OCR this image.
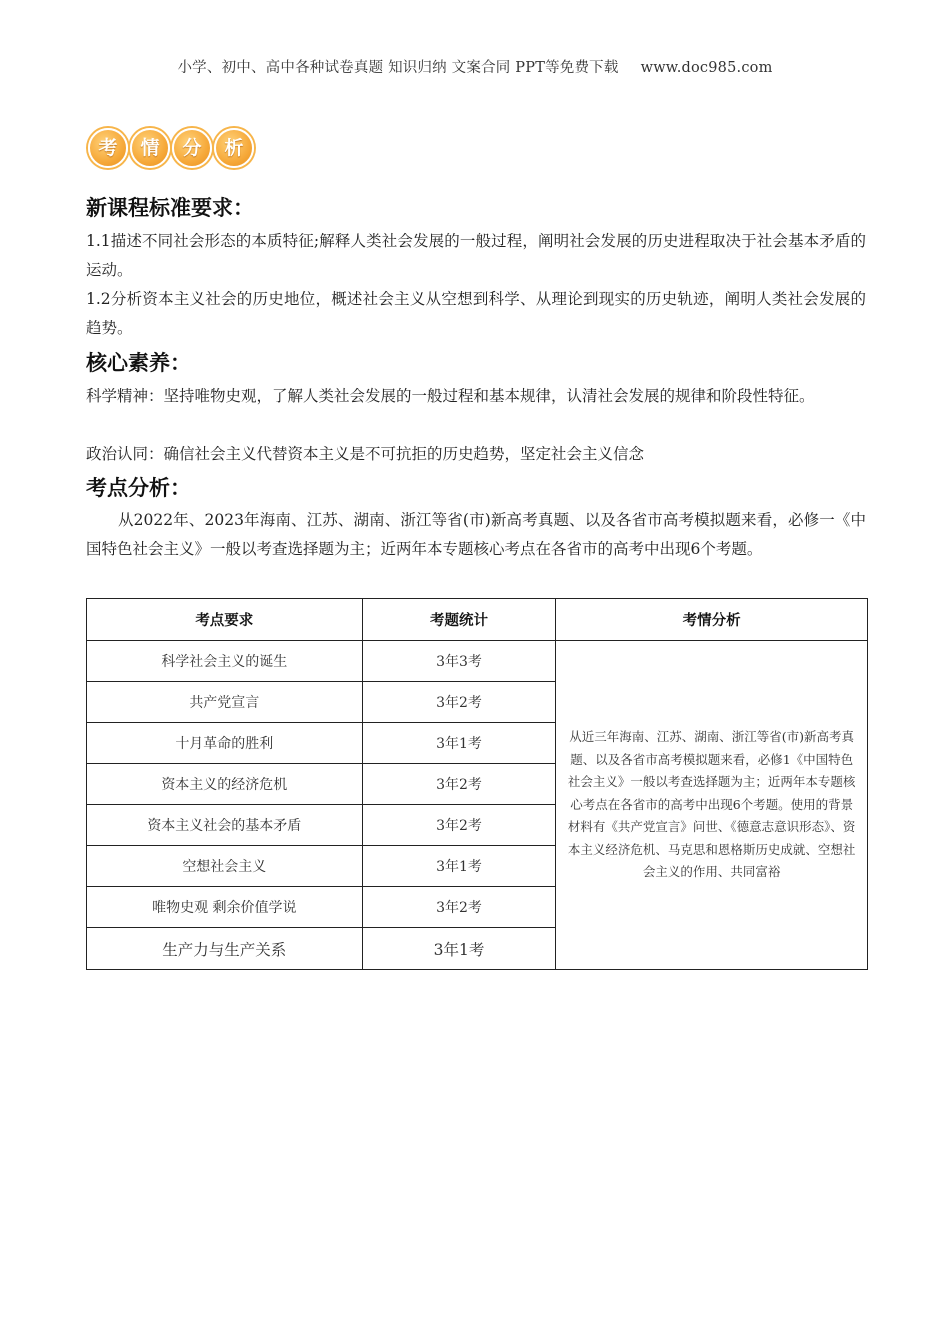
小学、初中、高中各种试卷真题 知识归纳 文案合同 PPT等免费下载 www.doc985.com
考	情	分	析
新课程标准要求：
1.1描述不同社会形态的本质特征;解释人类社会发展的一般过程，阐明社会发展的历史进程取决于社会基本矛盾的运动。
1.2分析资本主义社会的历史地位，概述社会主义从空想到科学、从理论到现实的历史轨迹，阐明人类社会发展的趋势。
核心素养：
科学精神：坚持唯物史观，了解人类社会发展的一般过程和基本规律，认清社会发展的规律和阶段性特征。
政治认同：确信社会主义代替资本主义是不可抗拒的历史趋势，坚定社会主义信念
考点分析：
从2022年、2023年海南、江苏、湖南、浙江等省(市)新高考真题、以及各省市高考模拟题来看，必修一《中国特色社会主义》一般以考查选择题为主；近两年本专题核心考点在各省市的高考中出现6个考题。
考点要求	考题统计	考情分析
科学社会主义的诞生	3年3考	从近三年海南、江苏、湖南、浙江等省(市)新高考真题、以及各省市高考模拟题来看，必修1《中国特色社会主义》一般以考查选择题为主；近两年本专题核心考点在各省市的高考中出现6个考题。使用的背景材料有《共产党宣言》问世、《德意志意识形态》、资本主义经济危机、马克思和恩格斯历史成就、空想社会主义的作用、共同富裕
共产党宣言	3年2考	
十月革命的胜利	3年1考	
资本主义的经济危机	3年2考	
资本主义社会的基本矛盾	3年2考	
空想社会主义	3年1考	
唯物史观 剩余价值学说	3年2考	
生产力与生产关系	3年1考	
